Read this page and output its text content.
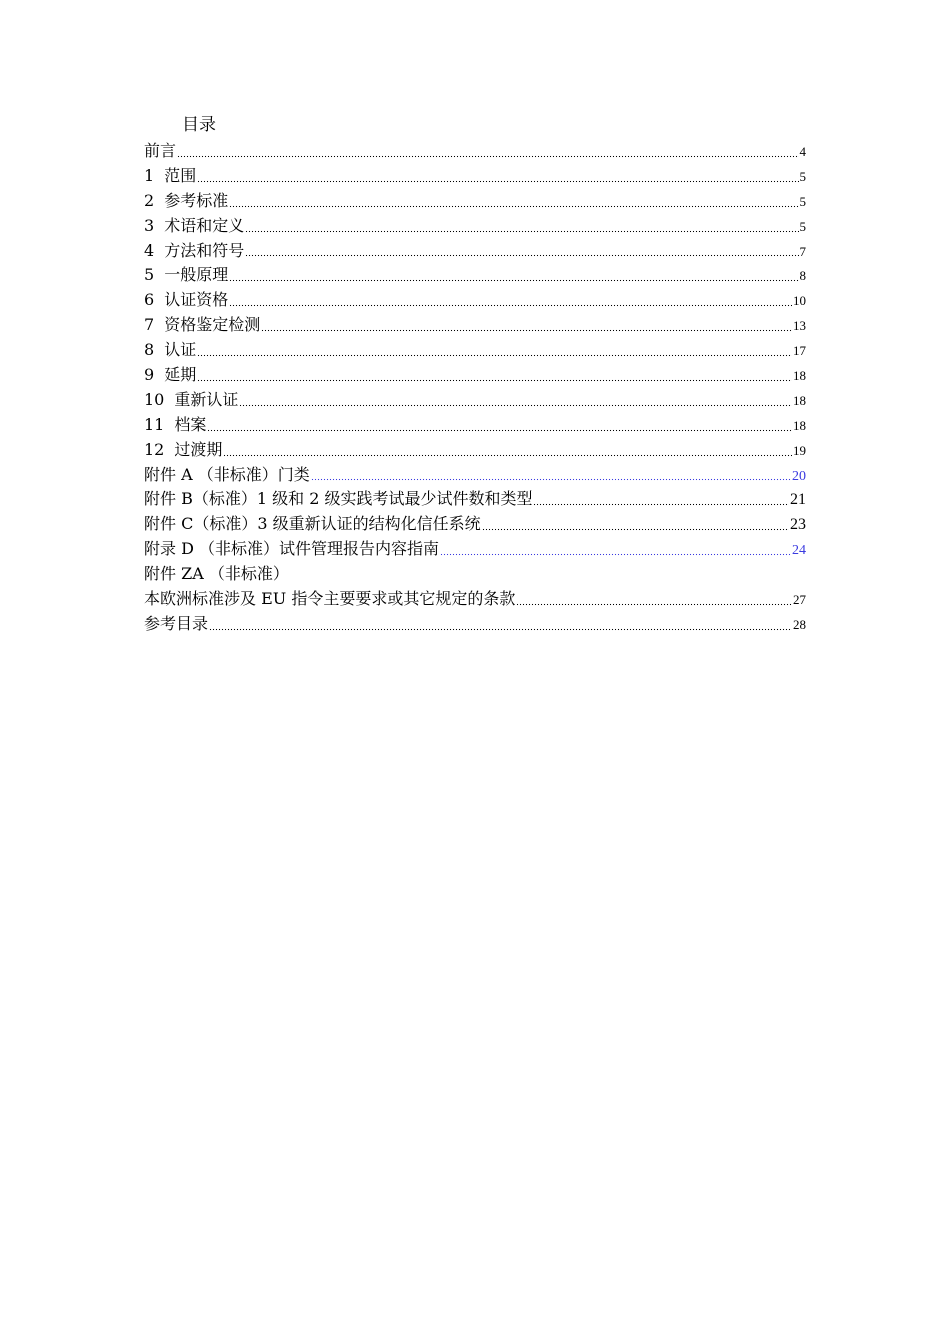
目录
前言	4
1 范围	5
2 参考标准	5
3 术语和定义	5
4 方法和符号	7
5 一般原理	8
6 认证资格	10
7 资格鉴定检测	13
8 认证	17
9 延期	18
10 重新认证	18
11 档案	18
12 过渡期	19
附件 A （非标准）门类	20
附件 B（标准）1 级和 2 级实践考试最少试件数和类型	21
附件 C（标准）3 级重新认证的结构化信任系统	23
附录 D （非标准）试件管理报告内容指南	24
附件 ZA （非标准）
本欧洲标准涉及 EU 指令主要要求或其它规定的条款	27
参考目录	28
